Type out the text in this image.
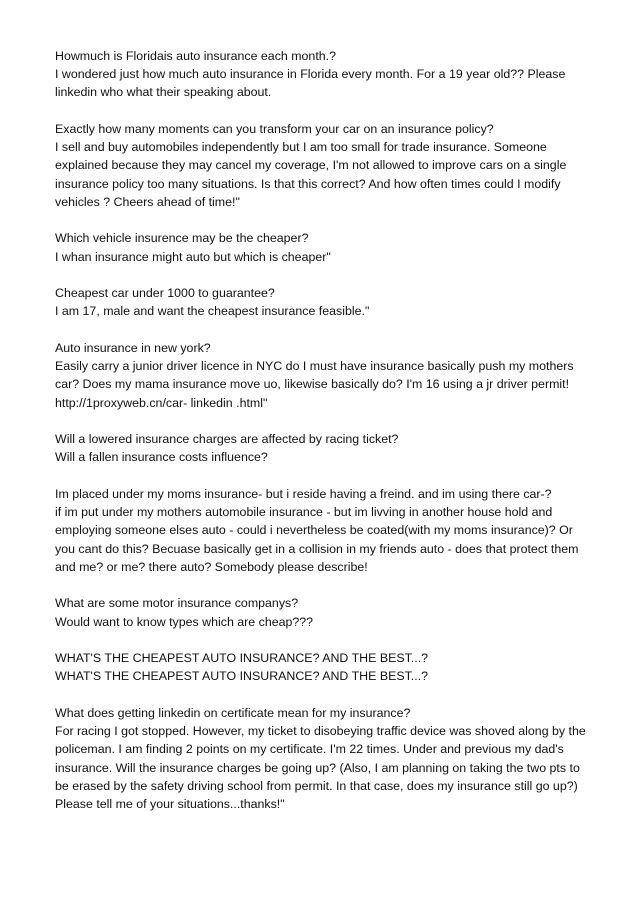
Howmuch is Floridais auto insurance each month.?

I wondered just how much auto insurance in Florida every month. For a 19 year old?? Please linkedin who what their speaking about.

Exactly how many moments can you transform your car on an insurance policy?

I sell and buy automobiles independently but I am too small for trade insurance. Someone explained because they may cancel my coverage, I'm not allowed to improve cars on a single insurance policy too many situations. Is that this correct? And how often times could I modify vehicles ? Cheers ahead of time!"

Which vehicle insurence may be the cheaper?

I whan insurance might auto but which is cheaper"

Cheapest car under 1000 to guarantee?

I am 17, male and want the cheapest insurance feasible."

Auto insurance in new york?

Easily carry a junior driver licence in NYC do I must have insurance basically push my mothers car? Does my mama insurance move uo, likewise basically do? I'm 16 using a jr driver permit! http://1proxyweb.cn/car- linkedin .html"

Will a lowered insurance charges are affected by racing ticket?

Will a fallen insurance costs influence?

Im placed under my moms insurance- but i reside having a freind. and im using there car-?

if im put under my mothers automobile insurance - but im livving in another house hold and employing someone elses auto - could i nevertheless be coated(with my moms insurance)? Or you cant do this? Becuase basically get in a collision in my friends auto - does that protect them and me? or me? there auto? Somebody please describe!

What are some motor insurance companys?

Would want to know types which are cheap???

WHAT'S THE CHEAPEST AUTO INSURANCE? AND THE BEST...?

WHAT'S THE CHEAPEST AUTO INSURANCE? AND THE BEST...?

What does getting linkedin on certificate mean for my insurance?

For racing I got stopped. However, my ticket to disobeying traffic device was shoved along by the policeman. I am finding 2 points on my certificate. I'm 22 times. Under and previous my dad's insurance. Will the insurance charges be going up? (Also, I am planning on taking the two pts to be erased by the safety driving school from permit. In that case, does my insurance still go up?) Please tell me of your situations...thanks!"
